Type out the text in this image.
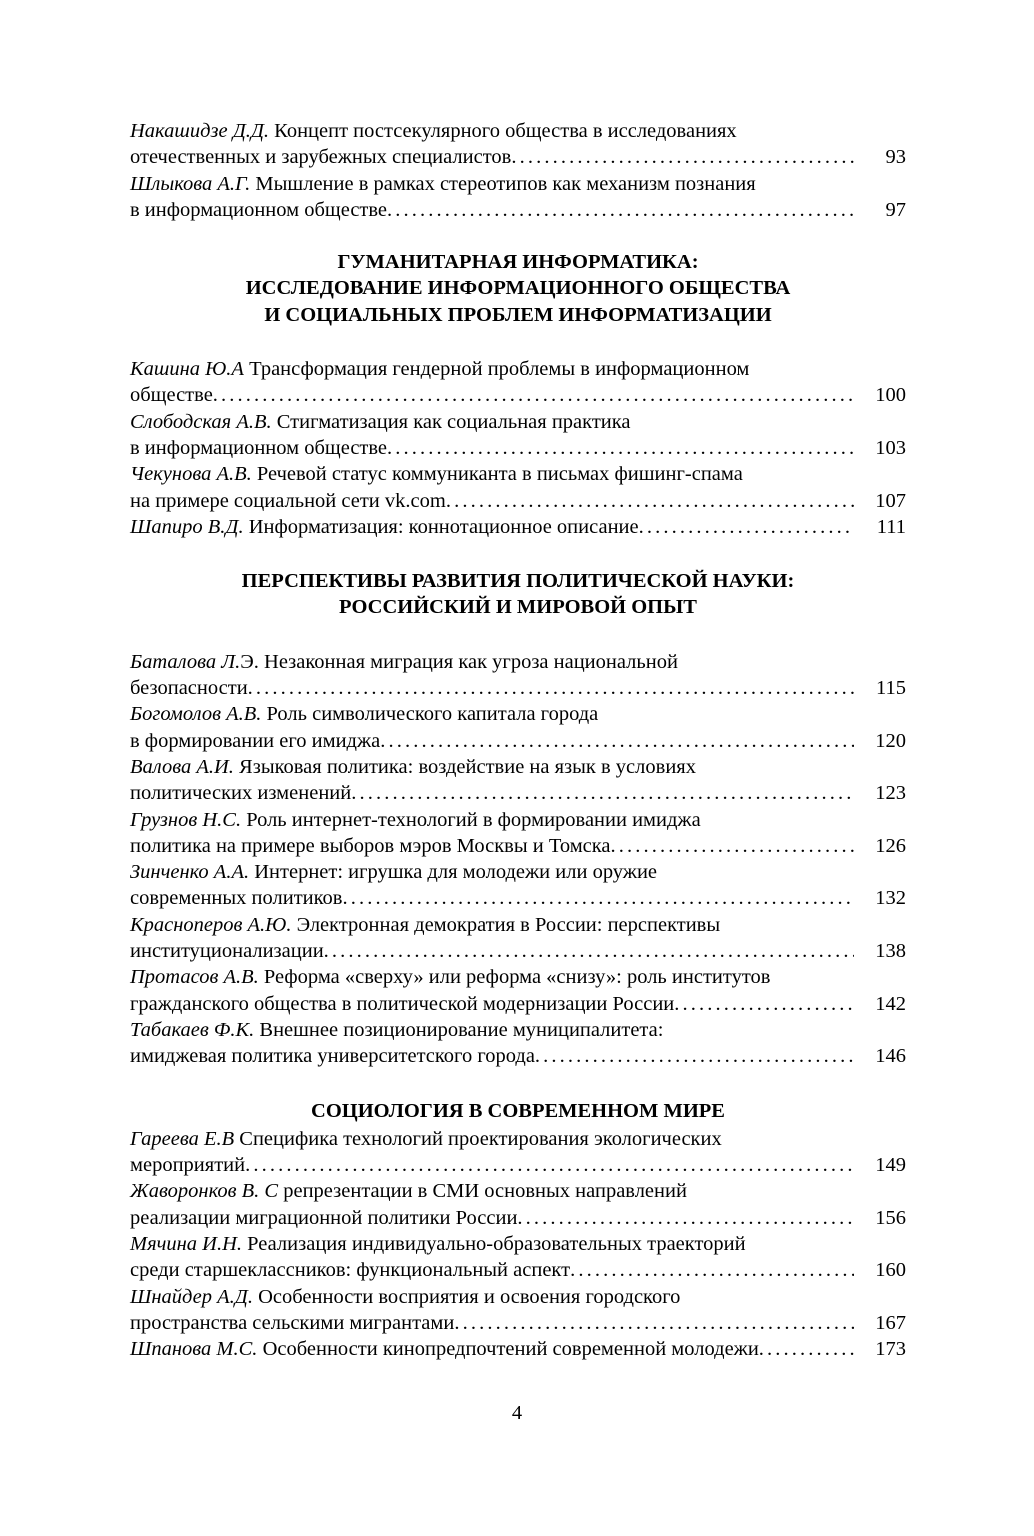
Накашидзе Д.Д. Концепт постсекулярного общества в исследованиях
отечественных и зарубежных специалистов . . .	93
Шлыкова А.Г. Мышление в рамках стереотипов как механизм познания
в информационном обществе . . .	97
ГУМАНИТАРНАЯ ИНФОРМАТИКА:
ИССЛЕДОВАНИЕ ИНФОРМАЦИОННОГО ОБЩЕСТВА
И СОЦИАЛЬНЫХ ПРОБЛЕМ ИНФОРМАТИЗАЦИИ
Кашина Ю.А Трансформация гендерной проблемы в информационном
обществе . . .	100
Слободская А.В. Стигматизация как социальная практика
в информационном обществе . . .	103
Чекунова А.В. Речевой статус коммуниканта в письмах фишинг-спама
на примере социальной сети vk.com . . .	107
Шапиро В.Д. Информатизация: коннотационное описание . . .	111
ПЕРСПЕКТИВЫ РАЗВИТИЯ ПОЛИТИЧЕСКОЙ НАУКИ:
РОССИЙСКИЙ И МИРОВОЙ ОПЫТ
Баталова Л.Э. Незаконная миграция как угроза национальной
безопасности . . .	115
Богомолов А.В. Роль символического капитала города
в формировании его имиджа . . .	120
Валова А.И. Языковая политика: воздействие на язык в условиях
политических изменений . . .	123
Грузнов Н.С. Роль интернет-технологий в формировании имиджа
политика на примере выборов мэров Москвы и Томска . . .	126
Зинченко А.А. Интернет: игрушка для молодежи или оружие
современных политиков . . .	132
Красноперов А.Ю. Электронная демократия в России: перспективы
институционализации . . .	138
Протасов А.В. Реформа «сверху» или реформа «снизу»: роль институтов
гражданского общества в политической модернизации России . . .	142
Табакаев Ф.К. Внешнее позиционирование муниципалитета:
имиджевая политика университетского города . . .	146
СОЦИОЛОГИЯ В СОВРЕМЕННОМ МИРЕ
Гареева Е.В Специфика технологий проектирования экологических
мероприятий . . .	149
Жаворонков В. С репрезентации в СМИ основных направлений
реализации миграционной политики России . . .	156
Мячина И.Н. Реализация индивидуально-образовательных траекторий
среди старшеклассников: функциональный аспект . . .	160
Шнайдер А.Д. Особенности восприятия и освоения городского
пространства сельскими мигрантами . . .	167
Шпанова М.С. Особенности кинопредпочтений современной молодежи . . .	173
4
